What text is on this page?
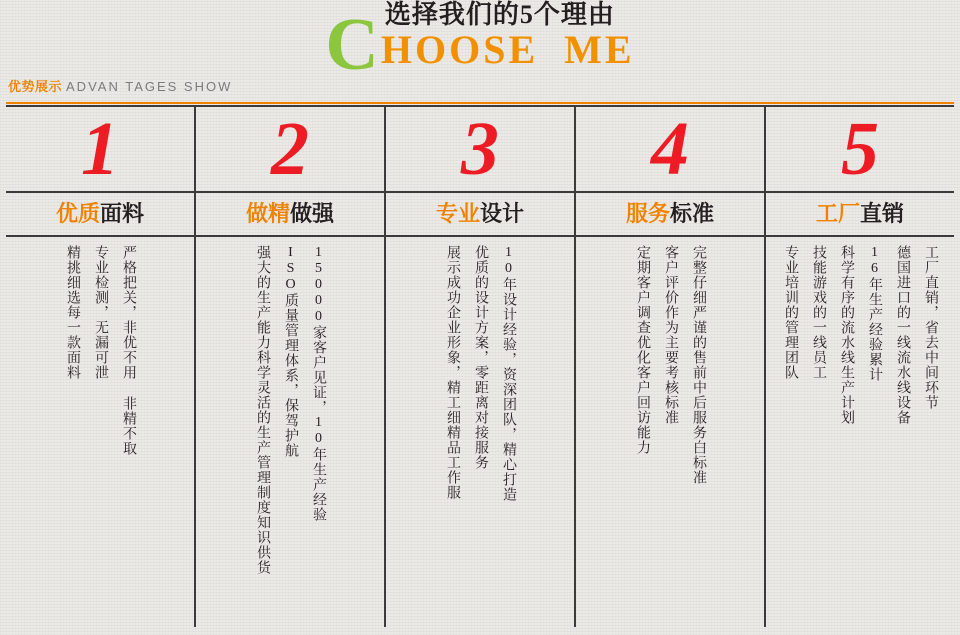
C 选择我们的5个理由
HOOSE ME
优势展示 ADVAN TAGES SHOW
1
优质面料
严格把关，非优不用 非精不取
专业检测，无漏可泄
精挑细选每一款面料
2
做精做强
15000家客户见证，10年生产经验
ISO质量管理体系，保驾护航
强大的生产能力科学灵活的生产管理制度知识供货
3
专业设计
10年设计经验，资深团队，精心打造
优质的设计方案，零距离对接服务
展示成功企业形象，精工细精品工作服
4
服务标准
完整仔细严谨的售前中后服务白标准
客户评价作为主要考核标准
定期客户调查优化客户回访能力
5
工厂直销
工厂直销，省去中间环节
德国进口的一线流水线设备
16年生产经验累计
科学有序的流水线生产计划
技能游戏的一线员工
专业培训的管理团队
